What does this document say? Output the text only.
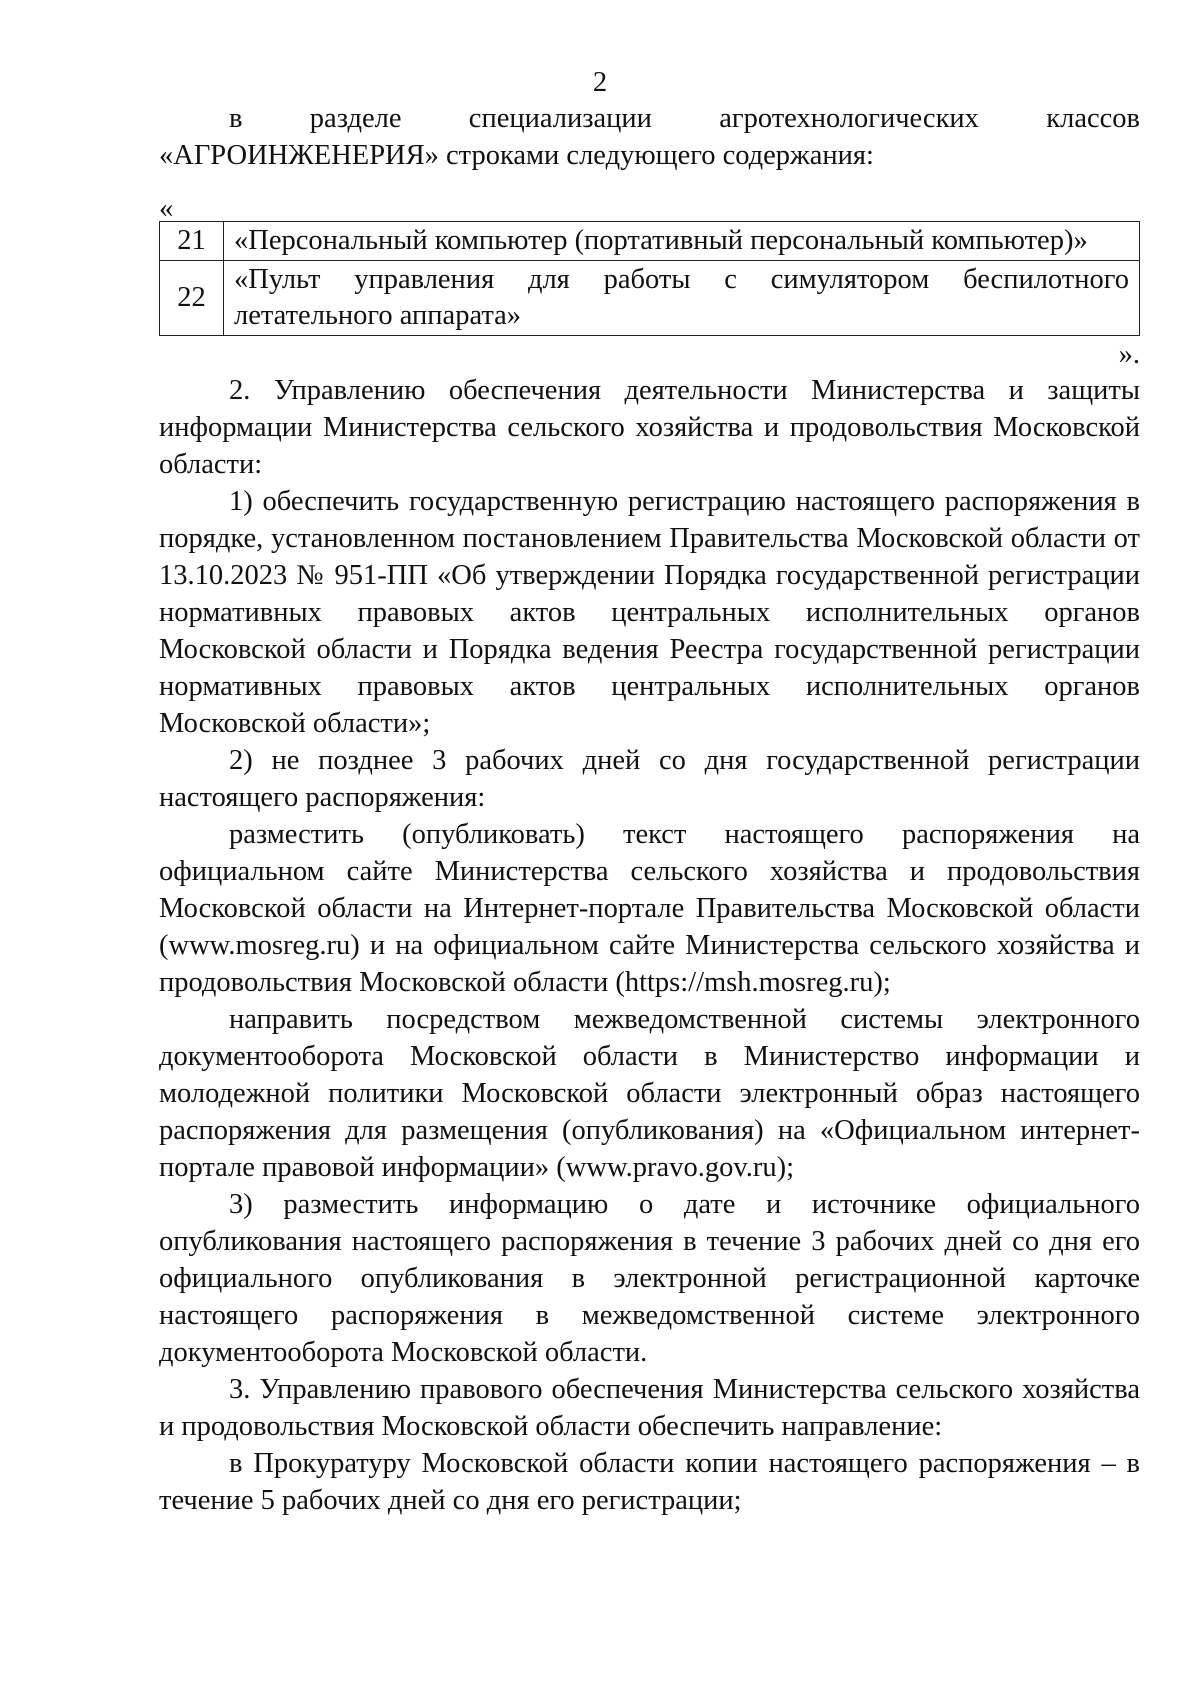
2

в разделе специализации агротехнологических классов

«АГРОИНЖЕНЕРИЯ» строками следующего содержания:

«
21	«Персональный компьютер (портативный персональный компьютер)»
22	«Пульт управления для работы с симулятором беспилотного летательного аппарата»
».

2. Управлению обеспечения деятельности Министерства и защиты информации Министерства сельского хозяйства и продовольствия Московской области:

1) обеспечить государственную регистрацию настоящего распоряжения в порядке, установленном постановлением Правительства Московской области от 13.10.2023 № 951-ПП «Об утверждении Порядка государственной регистрации нормативных правовых актов центральных исполнительных органов Московской области и Порядка ведения Реестра государственной регистрации нормативных правовых актов центральных исполнительных органов Московской области»;

2) не позднее 3 рабочих дней со дня государственной регистрации настоящего распоряжения:

разместить (опубликовать) текст настоящего распоряжения на официальном сайте Министерства сельского хозяйства и продовольствия Московской области на Интернет-портале Правительства Московской области (www.mosreg.ru) и на официальном сайте Министерства сельского хозяйства и продовольствия Московской области (https://msh.mosreg.ru);

направить посредством межведомственной системы электронного документооборота Московской области в Министерство информации и молодежной политики Московской области электронный образ настоящего распоряжения для размещения (опубликования) на «Официальном интернет-портале правовой информации» (www.pravo.gov.ru);

3) разместить информацию о дате и источнике официального опубликования настоящего распоряжения в течение 3 рабочих дней со дня его официального опубликования в электронной регистрационной карточке настоящего распоряжения в межведомственной системе электронного документооборота Московской области.

3. Управлению правового обеспечения Министерства сельского хозяйства и продовольствия Московской области обеспечить направление:

в Прокуратуру Московской области копии настоящего распоряжения – в течение 5 рабочих дней со дня его регистрации;
